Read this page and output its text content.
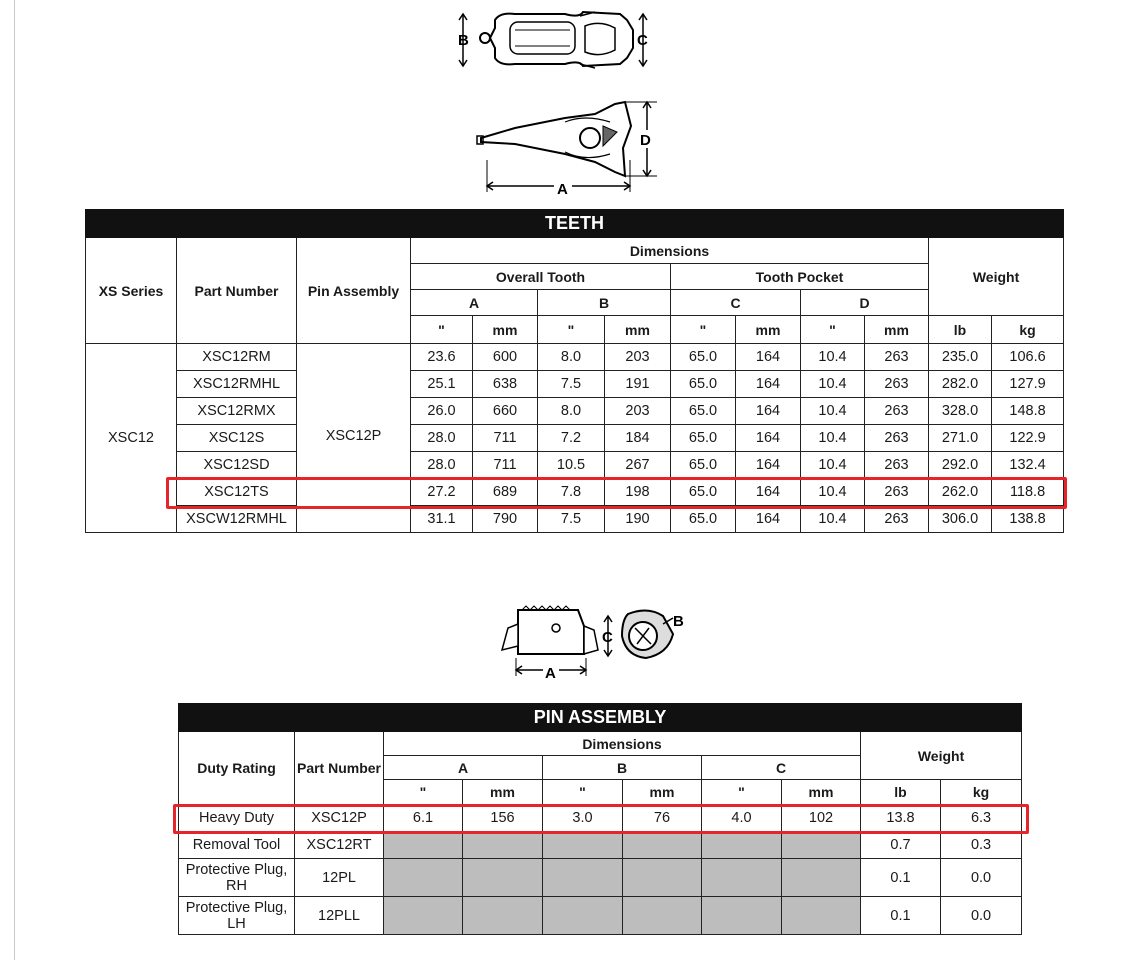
B	C
A
D
TEETH												
XS Series	Part Number	Pin Assembly	Dimensions								Weight	
			Overall Tooth				Tooth Pocket					
			A		B		C		D			
			"	mm	"	mm	"	mm	"	mm	lb	kg
XSC12	XSC12RM	XSC12P	23.6	600	8.0	203	65.0	164	10.4	263	235.0	106.6
	XSC12RMHL		25.1	638	7.5	191	65.0	164	10.4	263	282.0	127.9
	XSC12RMX		26.0	660	8.0	203	65.0	164	10.4	263	328.0	148.8
	XSC12S		28.0	711	7.2	184	65.0	164	10.4	263	271.0	122.9
	XSC12SD		28.0	711	10.5	267	65.0	164	10.4	263	292.0	132.4
	XSC12TS		27.2	689	7.8	198	65.0	164	10.4	263	262.0	118.8
	XSCW12RMHL		31.1	790	7.5	190	65.0	164	10.4	263	306.0	138.8
A
C
B
PIN ASSEMBLY									
Duty Rating	Part Number	Dimensions						Weight	
		A		B		C			
		"	mm	"	mm	"	mm	lb	kg
Heavy Duty	XSC12P	6.1	156	3.0	76	4.0	102	13.8	6.3
Removal Tool	XSC12RT							0.7	0.3
Protective Plug, RH	12PL							0.1	0.0
Protective Plug, LH	12PLL							0.1	0.0
